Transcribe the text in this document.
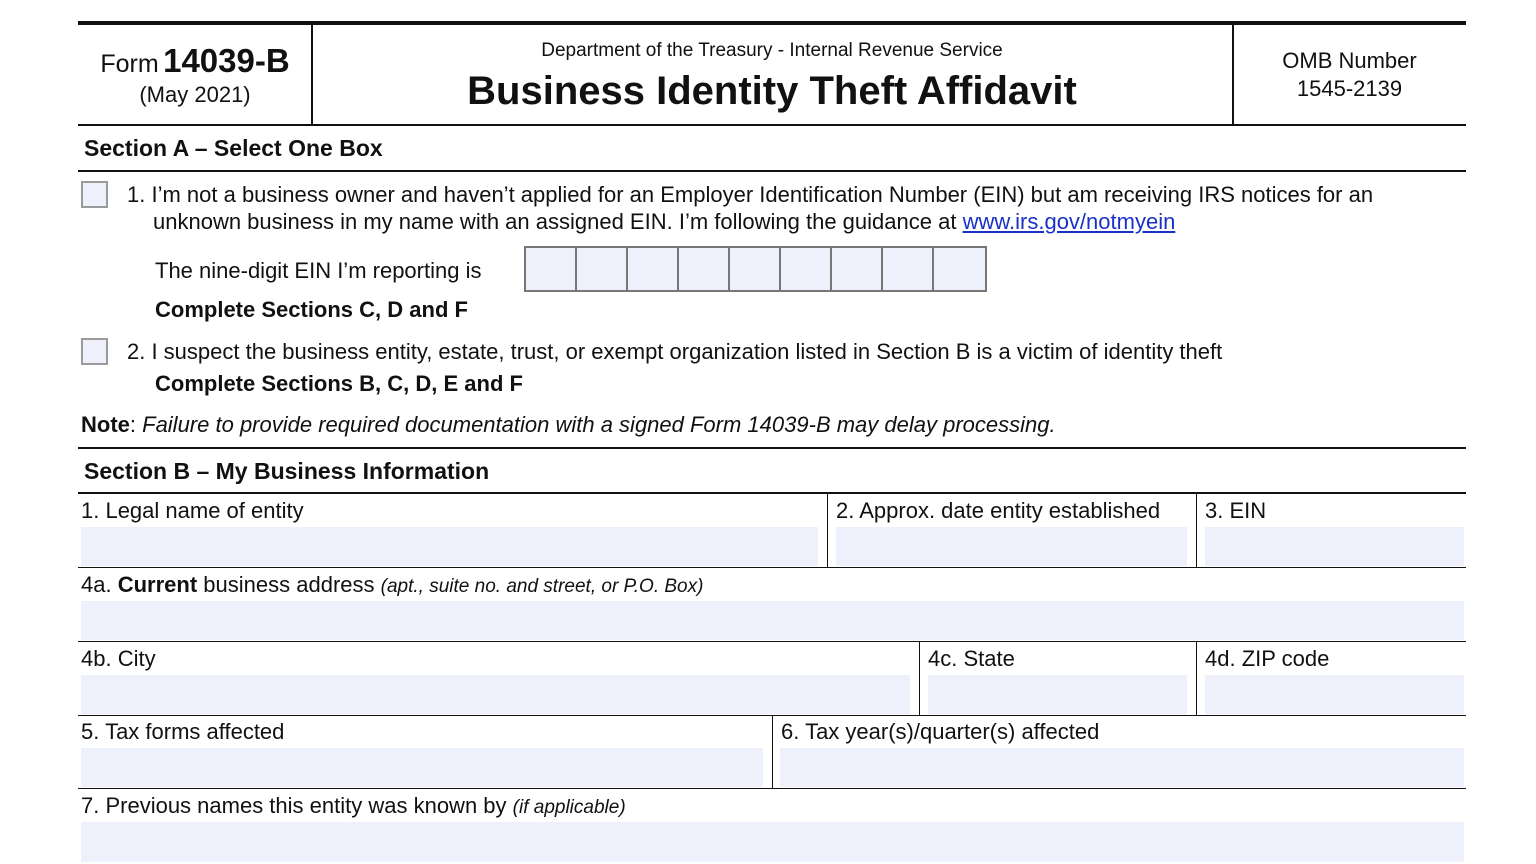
Form 14039-B
(May 2021)
Department of the Treasury - Internal Revenue Service
Business Identity Theft Affidavit
OMB Number
1545-2139
Section A – Select One Box
1. I’m not a business owner and haven’t applied for an Employer Identification Number (EIN) but am receiving IRS notices for an
unknown business in my name with an assigned EIN. I’m following the guidance at www.irs.gov/notmyein
The nine-digit EIN I’m reporting is
Complete Sections C, D and F
2. I suspect the business entity, estate, trust, or exempt organization listed in Section B is a victim of identity theft
Complete Sections B, C, D, E and F
Note: Failure to provide required documentation with a signed Form 14039-B may delay processing.
Section B – My Business Information
1. Legal name of entity	2. Approx. date entity established 3. EIN
4a. Current business address (apt., suite no. and street, or P.O. Box)
4b. City	4c. State	4d. ZIP code
5. Tax forms affected	6. Tax year(s)/quarter(s) affected
7. Previous names this entity was known by (if applicable)
